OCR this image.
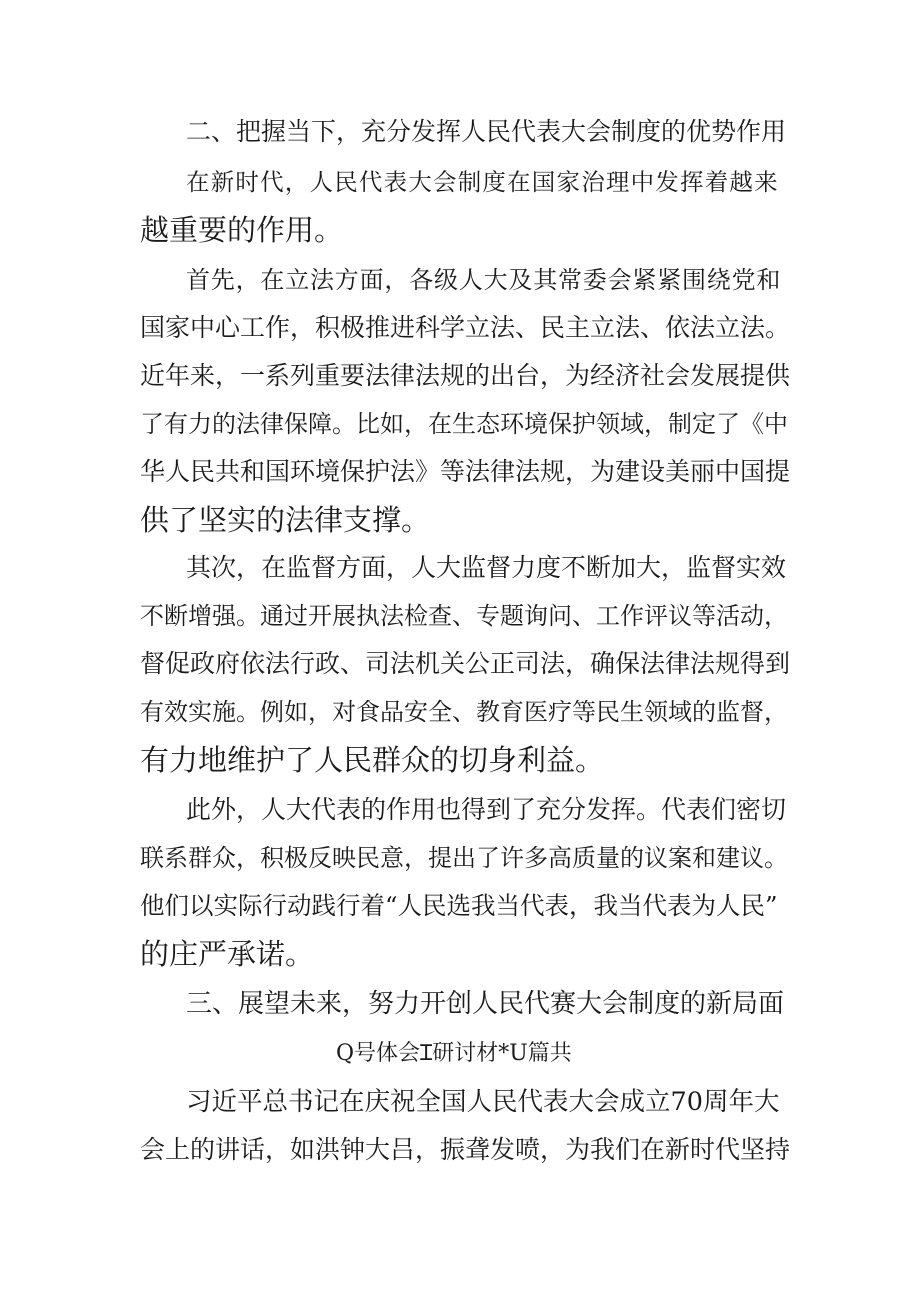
二、把握当下，充分发挥人民代表大会制度的优势作用
在新时代，人民代表大会制度在国家治理中发挥着越来
越重要的作用。
首先，在立法方面，各级人大及其常委会紧紧围绕党和
国家中心工作，积极推进科学立法、民主立法、依法立法。
近年来，一系列重要法律法规的出台，为经济社会发展提供
了有力的法律保障。比如，在生态环境保护领域，制定了《中
华人民共和国环境保护法》等法律法规，为建设美丽中国提
供了坚实的法律支撑。
其次，在监督方面，人大监督力度不断加大，监督实效
不断增强。通过开展执法检查、专题询问、工作评议等活动，
督促政府依法行政、司法机关公正司法，确保法律法规得到
有效实施。例如，对食品安全、教育医疗等民生领域的监督，
有力地维护了人民群众的切身利益。
此外，人大代表的作用也得到了充分发挥。代表们密切
联系群众，积极反映民意，提出了许多高质量的议案和建议。
他们以实际行动践行着“人民选我当代表，我当代表为人民”
的庄严承诺。
三、展望未来，努力开创人民代赛大会制度的新局面
Q号体会Ɪ研讨材*U篇共
习近平总书记在庆祝全国人民代表大会成立70周年大
会上的讲话，如洪钟大吕，振聋发喷，为我们在新时代坚持
